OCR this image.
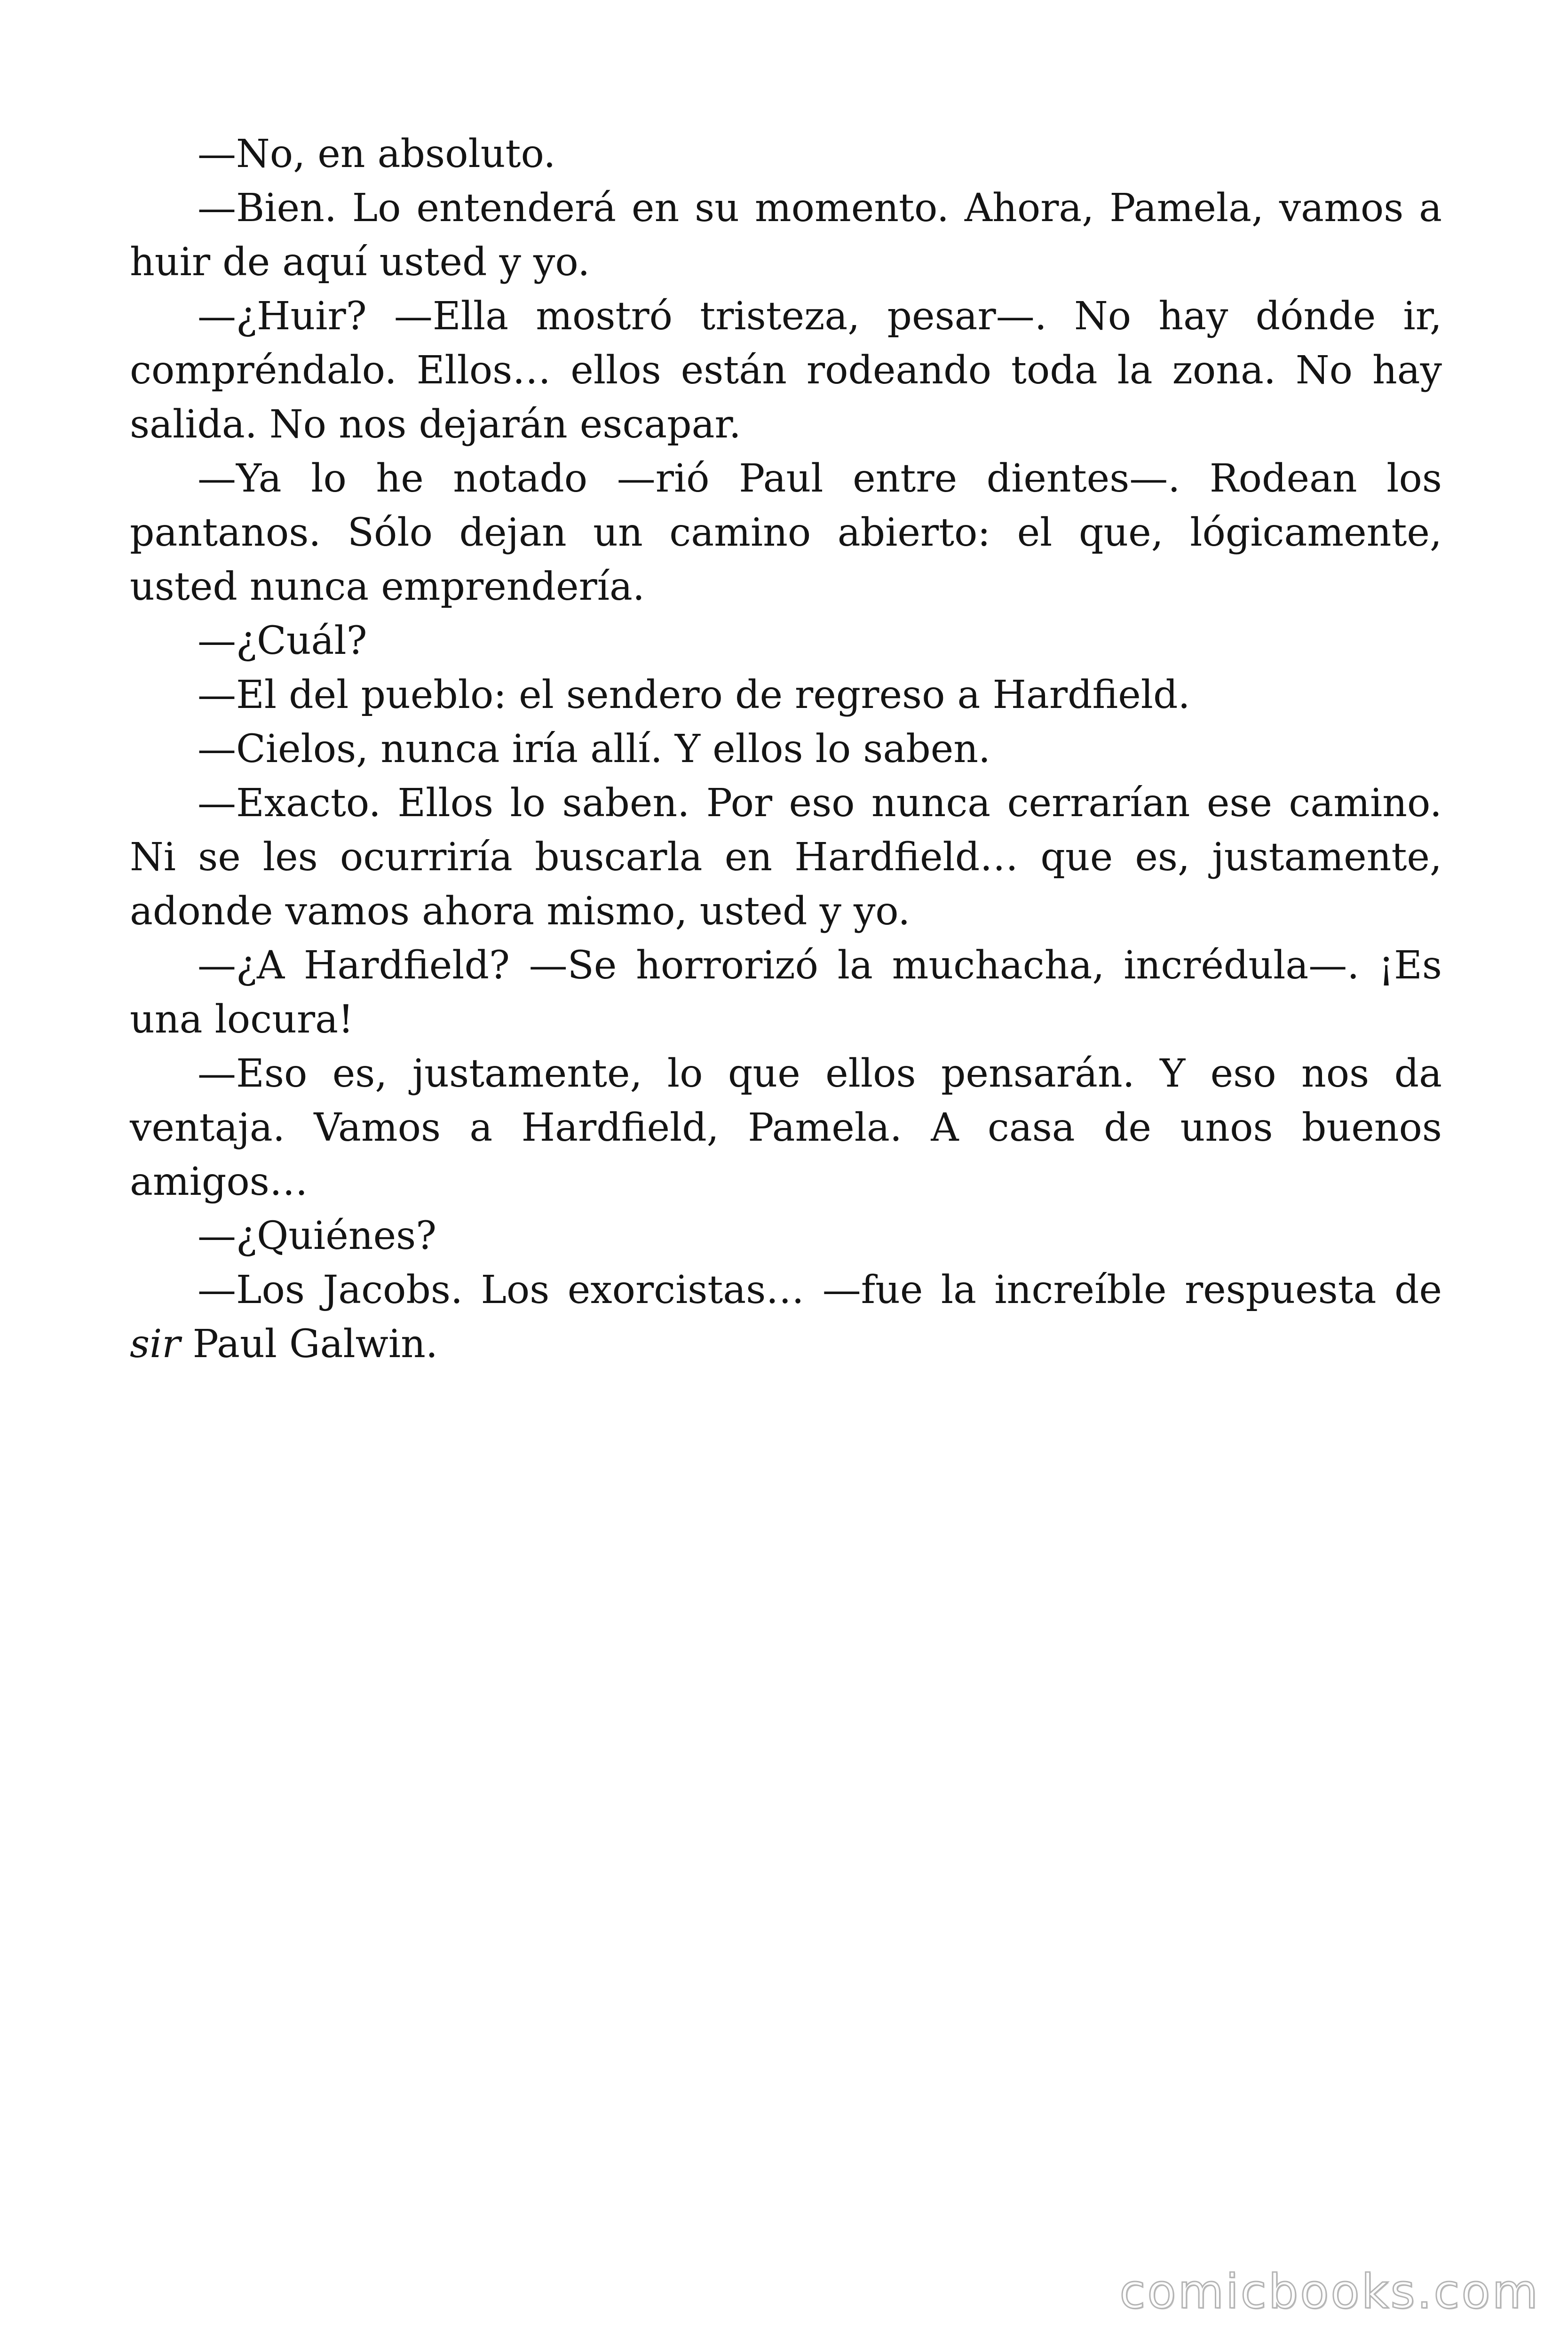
—No, en absoluto.

—Bien. Lo entenderá en su momento. Ahora, Pamela, vamos a huir de aquí usted y yo.

—¿Huir? —Ella mostró tristeza, pesar—. No hay dónde ir, compréndalo. Ellos… ellos están rodeando toda la zona. No hay salida. No nos dejarán escapar.

—Ya lo he notado —rió Paul entre dientes—. Rodean los pantanos. Sólo dejan un camino abierto: el que, lógicamente, usted nunca emprendería.

—¿Cuál?

—El del pueblo: el sendero de regreso a Hardfield.

—Cielos, nunca iría allí. Y ellos lo saben.

—Exacto. Ellos lo saben. Por eso nunca cerrarían ese camino. Ni se les ocurriría buscarla en Hardfield… que es, justamente, adonde vamos ahora mismo, usted y yo.

—¿A Hardfield? —Se horrorizó la muchacha, incrédula—. ¡Es una locura!

—Eso es, justamente, lo que ellos pensarán. Y eso nos da ventaja. Vamos a Hardfield, Pamela. A casa de unos buenos amigos…

—¿Quiénes?

—Los Jacobs. Los exorcistas… —fue la increíble respuesta de sir Paul Galwin.

comicbooks.com
